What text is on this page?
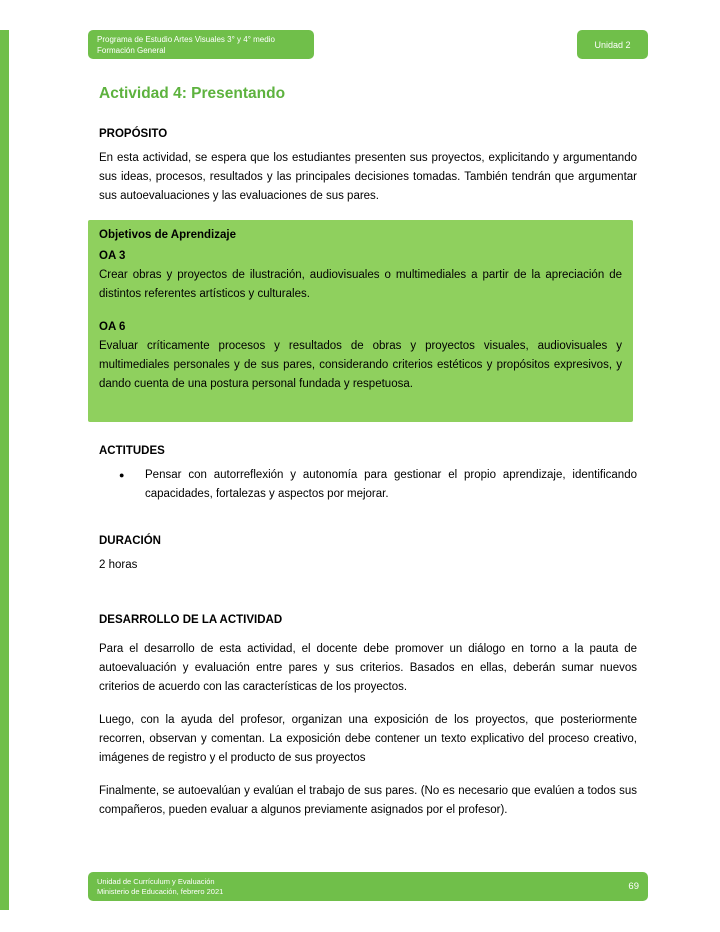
Programa de Estudio Artes Visuales 3° y 4° medio
Formación General
Unidad 2
Actividad 4: Presentando
PROPÓSITO

En esta actividad, se espera que los estudiantes presenten sus proyectos, explicitando y argumentando sus ideas, procesos, resultados y las principales decisiones tomadas. También tendrán que argumentar sus autoevaluaciones y las evaluaciones de sus pares.

Objetivos de Aprendizaje
OA 3
Crear obras y proyectos de ilustración, audiovisuales o multimediales a partir de la apreciación de distintos referentes artísticos y culturales.
OA 6
Evaluar críticamente procesos y resultados de obras y proyectos visuales, audiovisuales y multimediales personales y de sus pares, considerando criterios estéticos y propósitos expresivos, y dando cuenta de una postura personal fundada y respetuosa.
ACTITUDES
●	Pensar con autorreflexión y autonomía para gestionar el propio aprendizaje, identificando capacidades, fortalezas y aspectos por mejorar.
DURACIÓN

2 horas

DESARROLLO DE LA ACTIVIDAD

Para el desarrollo de esta actividad, el docente debe promover un diálogo en torno a la pauta de autoevaluación y evaluación entre pares y sus criterios. Basados en ellas, deberán sumar nuevos criterios de acuerdo con las características de los proyectos.

Luego, con la ayuda del profesor, organizan una exposición de los proyectos, que posteriormente recorren, observan y comentan. La exposición debe contener un texto explicativo del proceso creativo, imágenes de registro y el producto de sus proyectos

Finalmente, se autoevalúan y evalúan el trabajo de sus pares. (No es necesario que evalúen a todos sus compañeros, pueden evaluar a algunos previamente asignados por el profesor).

Unidad de Currículum y Evaluación
Ministerio de Educación, febrero 2021	69
